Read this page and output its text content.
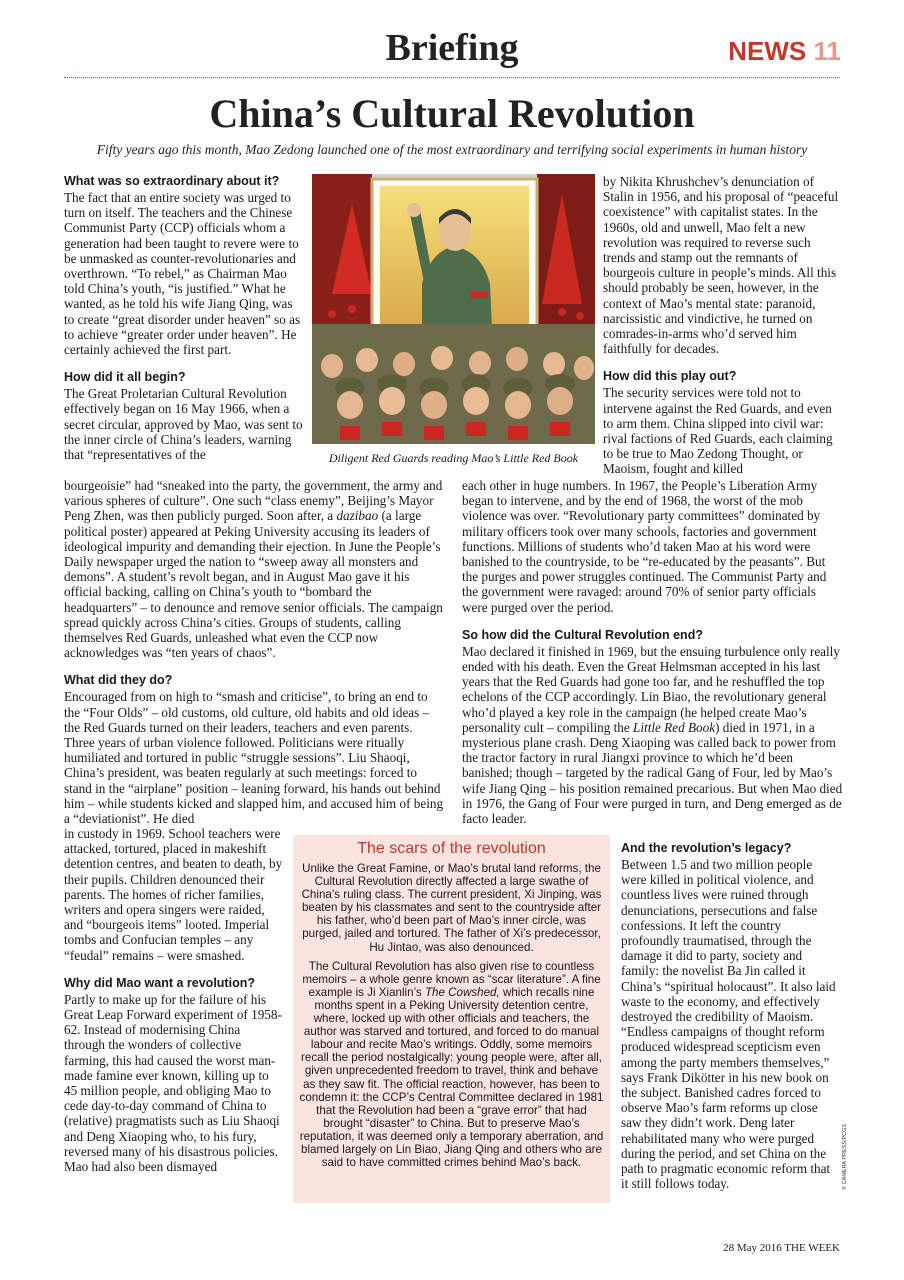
Briefing	NEWS 11
China’s Cultural Revolution
Fifty years ago this month, Mao Zedong launched one of the most extraordinary and terrifying social experiments in human history
What was so extraordinary about it?

The fact that an entire society was urged to turn on itself. The teachers and the Chinese Communist Party (CCP) officials whom a generation had been taught to revere were to be unmasked as counter-revolutionaries and overthrown. “To rebel,” as Chairman Mao told China’s youth, “is justified.” What he wanted, as he told his wife Jiang Qing, was to create “great disorder under heaven” so as to achieve “greater order under heaven”. He certainly achieved the first part.

How did it all begin?

The Great Proletarian Cultural Revolution effectively began on 16 May 1966, when a secret circular, approved by Mao, was sent to the inner circle of China’s leaders, warning that “representatives of the	Diligent Red Guards reading Mao’s Little Red Book

by Nikita Khrushchev’s denunciation of Stalin in 1956, and his proposal of “peaceful coexistence” with capitalist states. In the 1960s, old and unwell, Mao felt a new revolution was required to reverse such trends and stamp out the remnants of bourgeois culture in people’s minds. All this should probably be seen, however, in the context of Mao’s mental state: paranoid, narcissistic and vindictive, he turned on comrades-in-arms who’d served him faithfully for decades.

How did this play out?

The security services were told not to intervene against the Red Guards, and even to arm them. China slipped into civil war: rival factions of Red Guards, each claiming to be true to Mao Zedong Thought, or Maoism, fought and killed

bourgeoisie” had “sneaked into the party, the government, the army and various spheres of culture”. One such “class enemy”, Beijing’s Mayor Peng Zhen, was then publicly purged. Soon after, a dazibao (a large political poster) appeared at Peking University accusing its leaders of ideological impurity and demanding their ejection. In June the People’s Daily newspaper urged the nation to “sweep away all monsters and demons”. A student’s revolt began, and in August Mao gave it his official backing, calling on China’s youth to “bombard the headquarters” – to denounce and remove senior officials. The campaign spread quickly across China’s cities. Groups of students, calling themselves Red Guards, unleashed what even the CCP now acknowledges was “ten years of chaos”.

What did they do?

Encouraged from on high to “smash and criticise”, to bring an end to the “Four Olds” – old customs, old culture, old habits and old ideas – the Red Guards turned on their leaders, teachers and even parents. Three years of urban violence followed. Politicians were ritually humiliated and tortured in public “struggle sessions”. Liu Shaoqi, China’s president, was beaten regularly at such meetings: forced to stand in the “airplane” position – leaning forward, his hands out behind him – while students kicked and slapped him, and accused him of being a “deviationist”. He died

each other in huge numbers. In 1967, the People’s Liberation Army began to intervene, and by the end of 1968, the worst of the mob violence was over. “Revolutionary party committees” dominated by military officers took over many schools, factories and government functions. Millions of students who’d taken Mao at his word were banished to the countryside, to be “re-educated by the peasants”. But the purges and power struggles continued. The Communist Party and the government were ravaged: around 70% of senior party officials were purged over the period.

So how did the Cultural Revolution end?

Mao declared it finished in 1969, but the ensuing turbulence only really ended with his death. Even the Great Helmsman accepted in his last years that the Red Guards had gone too far, and he reshuffled the top echelons of the CCP accordingly. Lin Biao, the revolutionary general who’d played a key role in the campaign (he helped create Mao’s personality cult – compiling the Little Red Book) died in 1971, in a mysterious plane crash. Deng Xiaoping was called back to power from the tractor factory in rural Jiangxi province to which he’d been banished; though – targeted by the radical Gang of Four, led by Mao’s wife Jiang Qing – his position remained precarious. But when Mao died in 1976, the Gang of Four were purged in turn, and Deng emerged as de facto leader.

in custody in 1969. School teachers were attacked, tortured, placed in makeshift detention centres, and beaten to death, by their pupils. Children denounced their parents. The homes of richer families, writers and opera singers were raided, and “bourgeois items” looted. Imperial tombs and Confucian temples – any “feudal” remains – were smashed.

Why did Mao want a revolution?

Partly to make up for the failure of his Great Leap Forward experiment of 1958-62. Instead of modernising China through the wonders of collective farming, this had caused the worst man-made famine ever known, killing up to 45 million people, and obliging Mao to cede day-to-day command of China to (relative) pragmatists such as Liu Shaoqi and Deng Xiaoping who, to his fury, reversed many of his disastrous policies. Mao had also been dismayed

The scars of the revolution

Unlike the Great Famine, or Mao’s brutal land reforms, the Cultural Revolution directly affected a large swathe of China’s ruling class. The current president, Xi Jinping, was beaten by his classmates and sent to the countryside after his father, who’d been part of Mao’s inner circle, was purged, jailed and tortured. The father of Xi’s predecessor, Hu Jintao, was also denounced.

The Cultural Revolution has also given rise to countless memoirs – a whole genre known as “scar literature”. A fine example is Ji Xianlin’s The Cowshed, which recalls nine months spent in a Peking University detention centre, where, locked up with other officials and teachers, the author was starved and tortured, and forced to do manual labour and recite Mao’s writings. Oddly, some memoirs recall the period nostalgically: young people were, after all, given unprecedented freedom to travel, think and behave as they saw fit. The official reaction, however, has been to condemn it: the CCP’s Central Committee declared in 1981 that the Revolution had been a “grave error” that had brought “disaster” to China. But to preserve Mao’s reputation, it was deemed only a temporary aberration, and blamed largely on Lin Biao, Jiang Qing and others who are said to have committed crimes behind Mao’s back.

And the revolution’s legacy?

Between 1.5 and two million people were killed in political violence, and countless lives were ruined through denunciations, persecutions and false confessions. It left the country profoundly traumatised, through the damage it did to party, society and family: the novelist Ba Jin called it China’s “spiritual holocaust”. It also laid waste to the economy, and effectively destroyed the credibility of Maoism. “Endless campaigns of thought reform produced widespread scepticism even among the party members themselves,” says Frank Dikötter in his new book on the subject. Banished cadres forced to observe Mao’s farm reforms up close saw they didn’t work. Deng later rehabilitated many who were purged during the period, and set China on the path to pragmatic economic reform that it still follows today.	© CAMERA PRESS/PCGS
28 May 2016 THE WEEK
